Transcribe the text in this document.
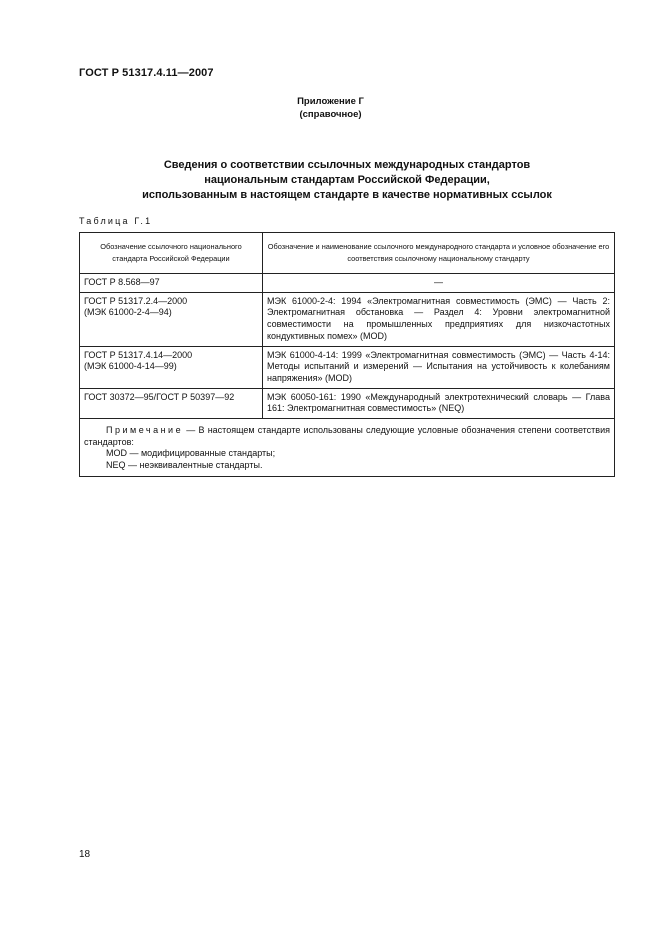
ГОСТ Р 51317.4.11—2007
Приложение Г
(справочное)
Сведения о соответствии ссылочных международных стандартов
национальным стандартам Российской Федерации,
использованным в настоящем стандарте в качестве нормативных ссылок
Таблица Г.1
Обозначение ссылочного национального стандарта Российской Федерации	Обозначение и наименование ссылочного международного стандарта и условное обозначение его соответствия ссылочному национальному стандарту

ГОСТ Р 8.568—97	—

ГОСТ Р 51317.2.4—2000
(МЭК 61000-2-4—94)	МЭК 61000-2-4: 1994 «Электромагнитная совместимость (ЭМС) — Часть 2: Электромагнитная обстановка — Раздел 4: Уровни электромагнитной совместимости на промышленных предприятиях для низкочастотных кондуктивных помех» (MOD)

ГОСТ Р 51317.4.14—2000
(МЭК 61000-4-14—99)	МЭК 61000-4-14: 1999 «Электромагнитная совместимость (ЭМС) — Часть 4-14: Методы испытаний и измерений — Испытания на устойчивость к колебаниям напряжения» (MOD)

ГОСТ 30372—95/ГОСТ Р 50397—92	МЭК 60050-161: 1990 «Международный электротехнический словарь — Глава 161: Электромагнитная совместимость» (NEQ)

Примечание — В настоящем стандарте использованы следующие условные обозначения степени соответствия стандартов:
MOD — модифицированные стандарты;
NEQ — неэквивалентные стандарты.	
18
